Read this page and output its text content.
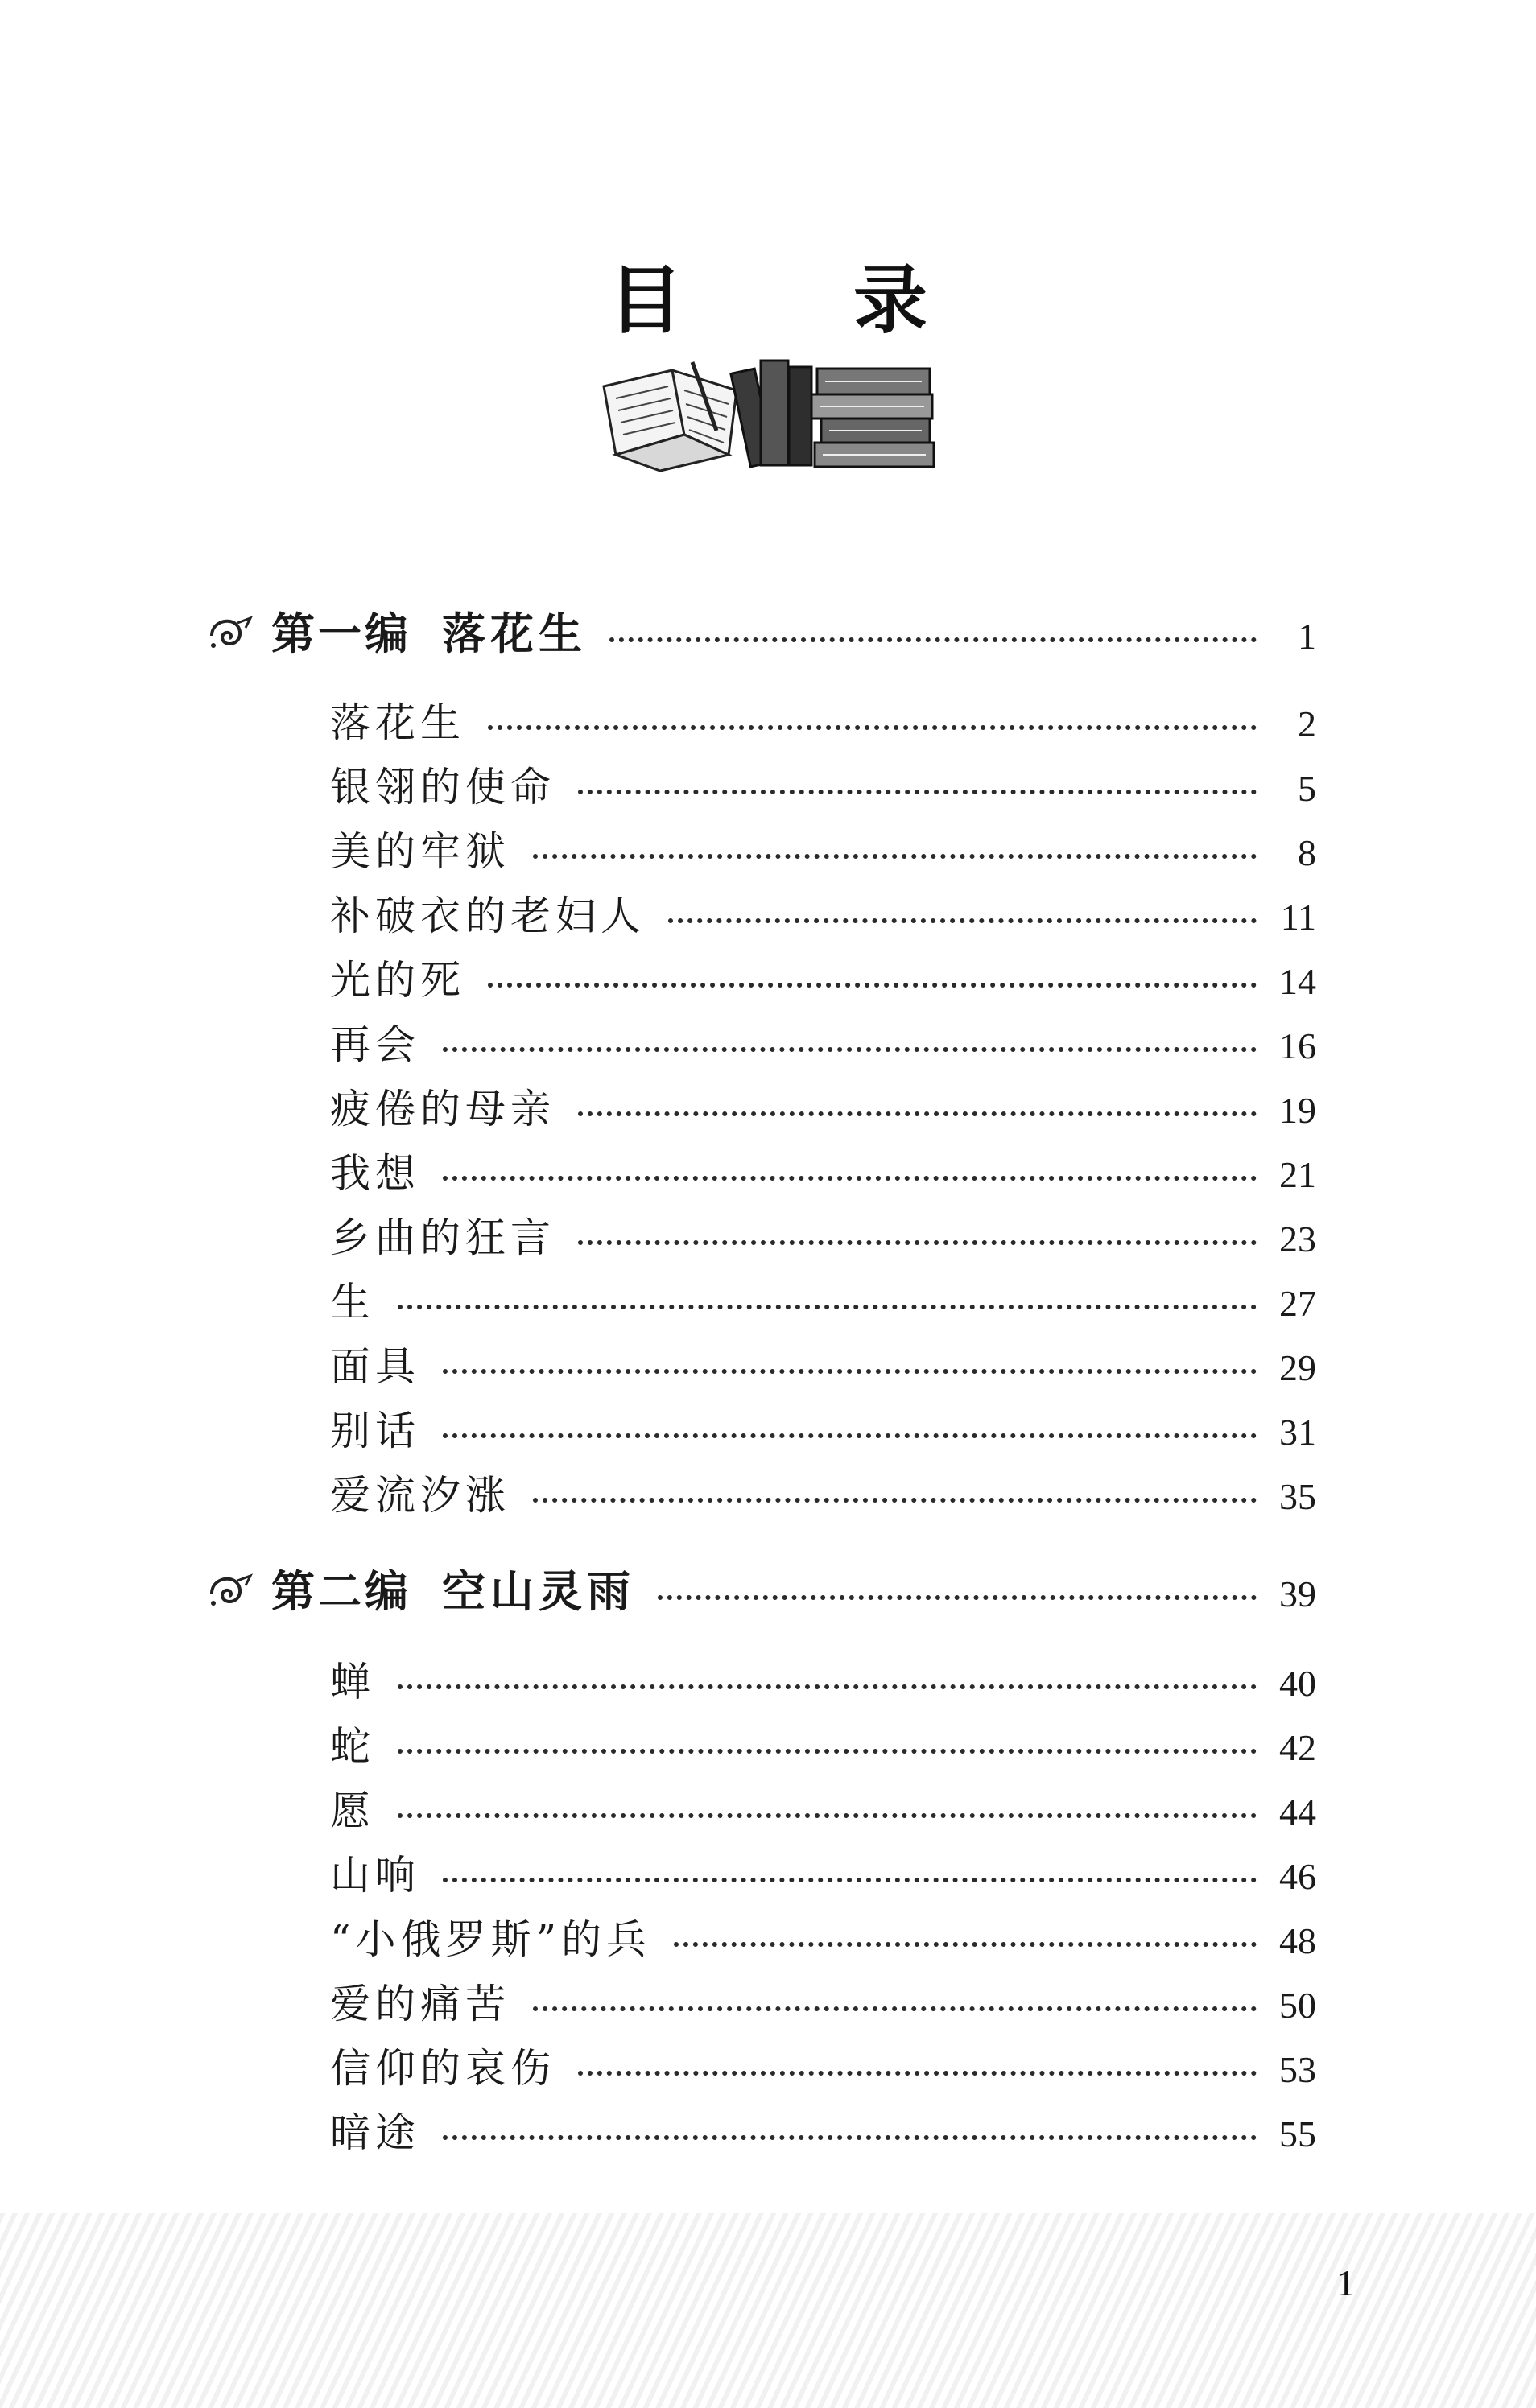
目 录
第一编 落花生	1
落花生	2
银翎的使命	5
美的牢狱	8
补破衣的老妇人	11
光的死	14
再会	16
疲倦的母亲	19
我想	21
乡曲的狂言	23
生	27
面具	29
别话	31
爱流汐涨	35
第二编 空山灵雨	39
蝉	40
蛇	42
愿	44
山响	46
“小俄罗斯”的兵	48
爱的痛苦	50
信仰的哀伤	53
暗途	55
1
